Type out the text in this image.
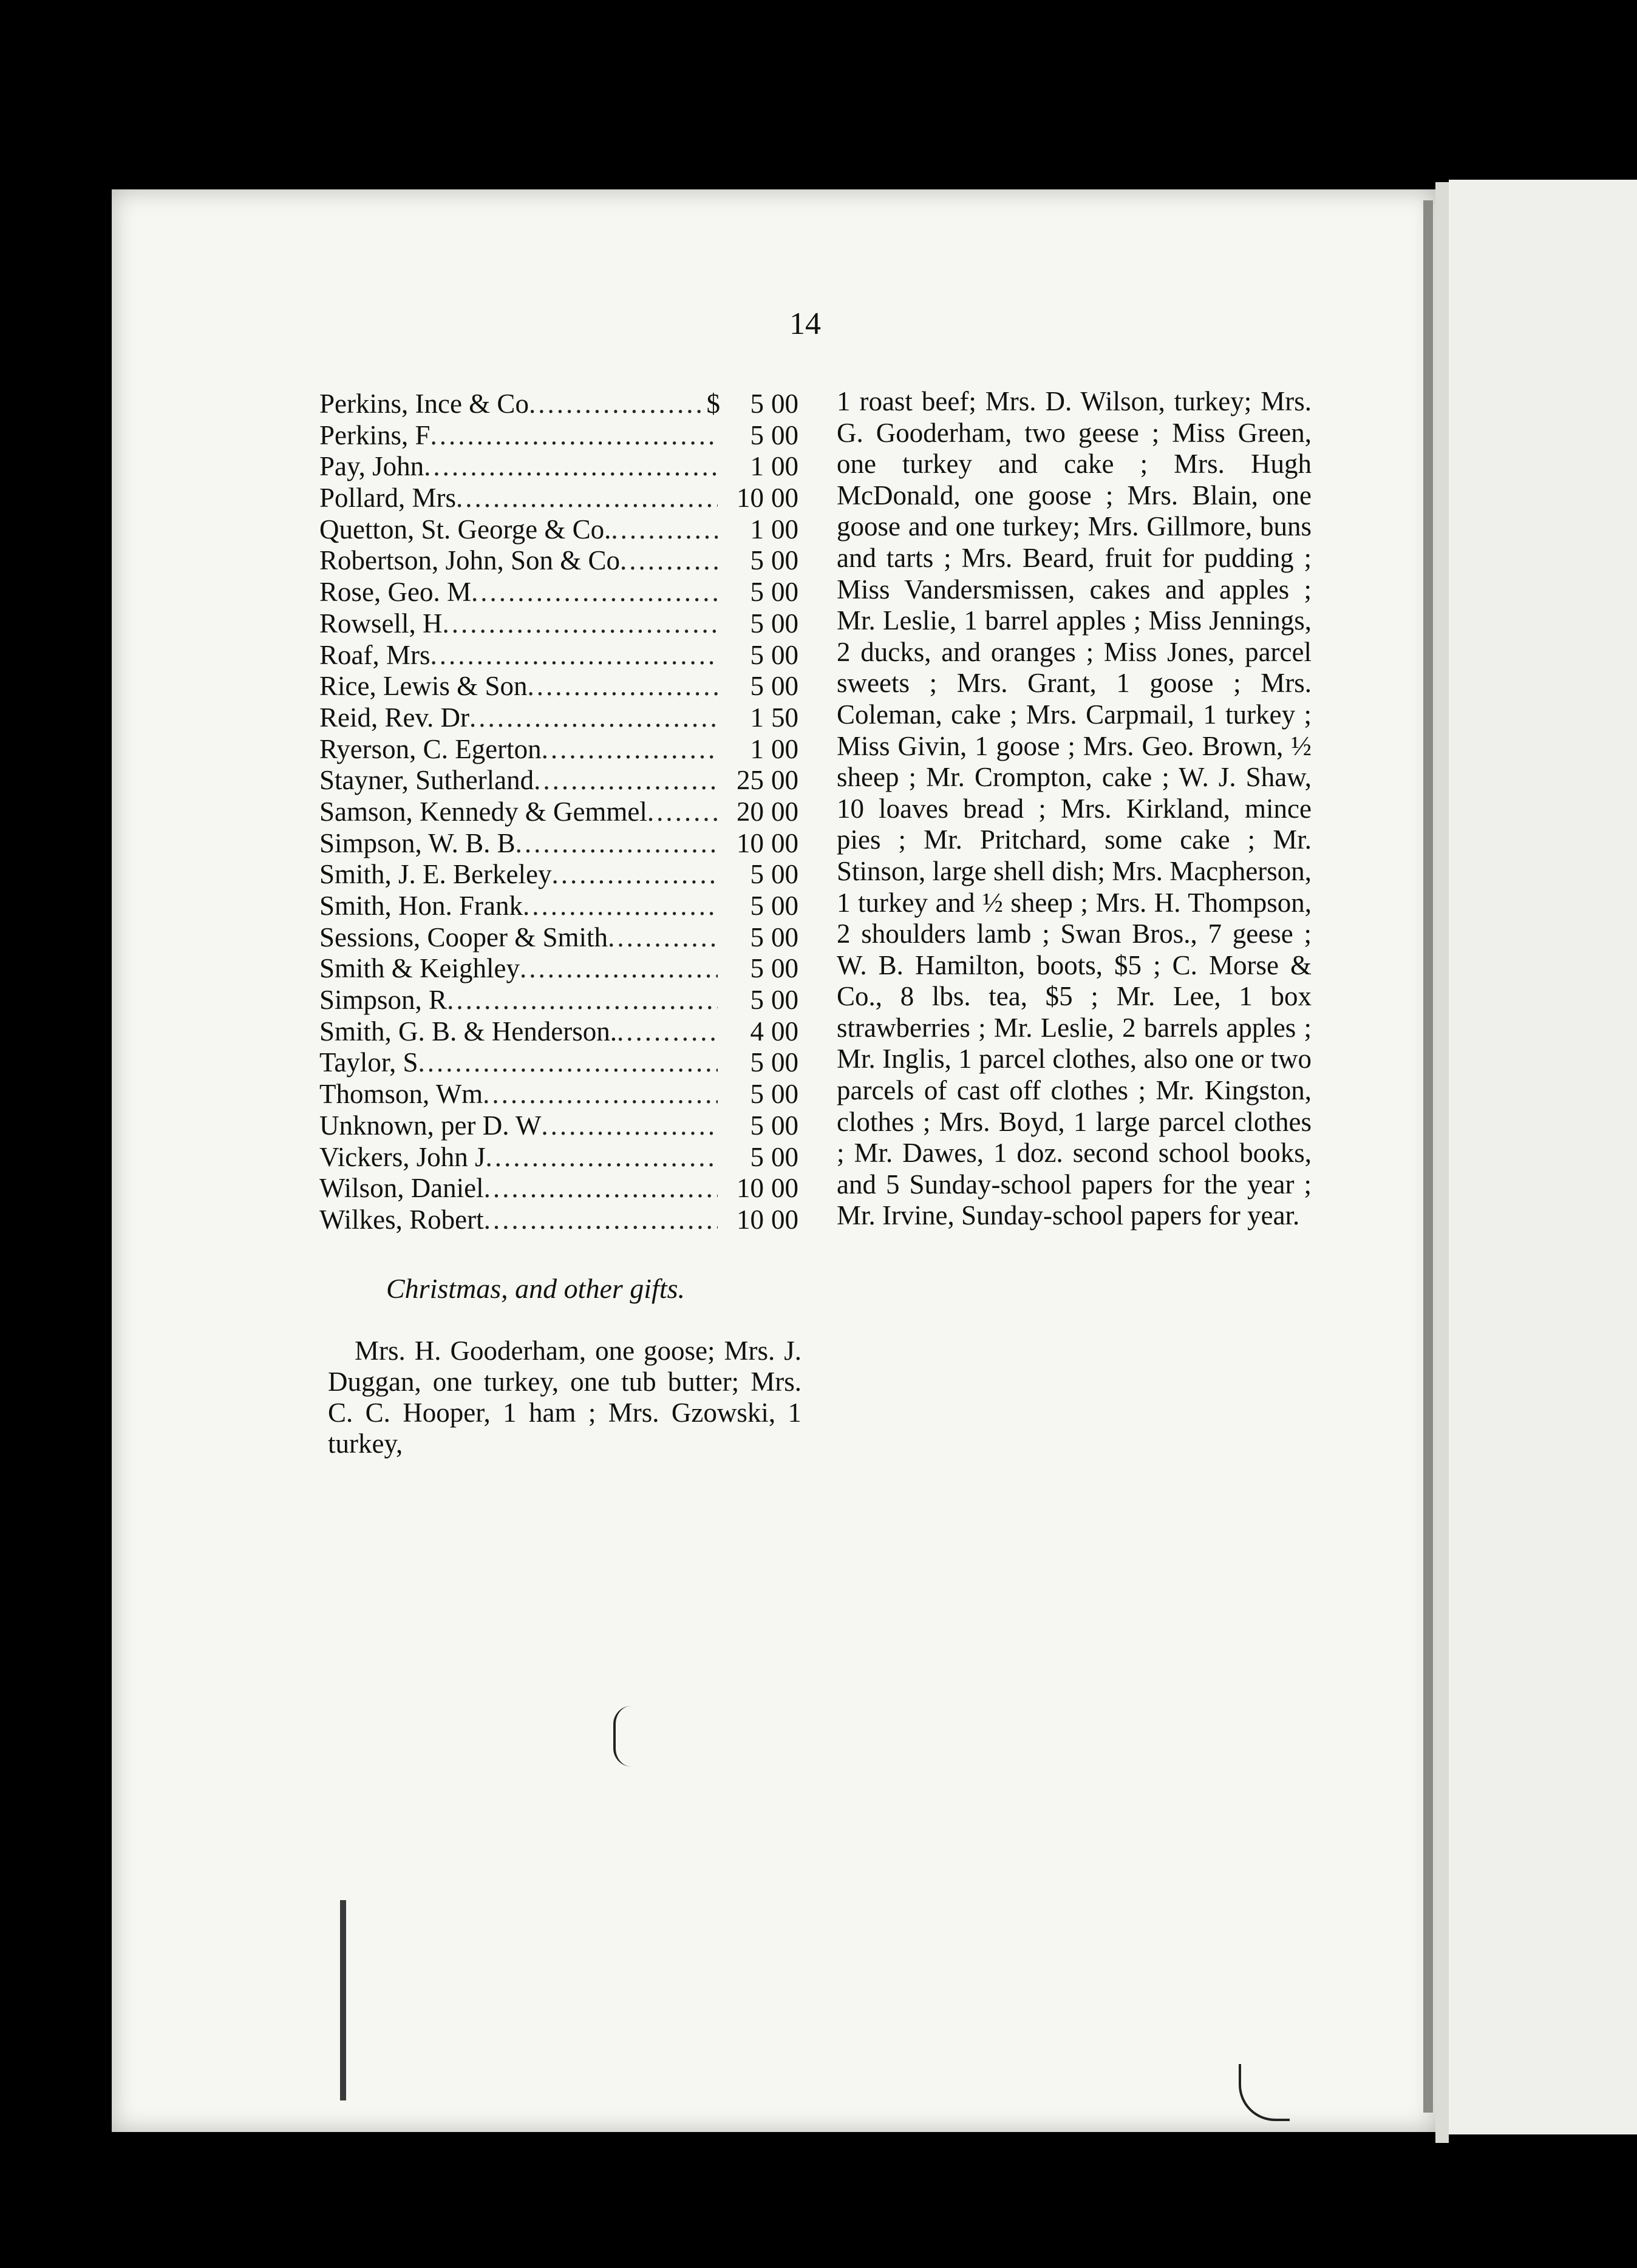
14
Perkins, Ince & Co .....	$	5 00
Perkins, F .....	5 00
Pay, John .....	1 00
Pollard, Mrs .....	10 00
Quetton, St. George & Co. .....	1 00
Robertson, John, Son & Co .....	5 00
Rose, Geo. M .....	5 00
Rowsell, H .....	5 00
Roaf, Mrs .....	5 00
Rice, Lewis & Son .....	5 00
Reid, Rev. Dr .....	1 50
Ryerson, C. Egerton .....	1 00
Stayner, Sutherland .....	25 00
Samson, Kennedy & Gemmel .....	20 00
Simpson, W. B. B .....	10 00
Smith, J. E. Berkeley .....	5 00
Smith, Hon. Frank .....	5 00
Sessions, Cooper & Smith .....	5 00
Smith & Keighley .....	5 00
Simpson, R .....	5 00
Smith, G. B. & Henderson. .....	4 00
Taylor, S .....	5 00
Thomson, Wm .....	5 00
Unknown, per D. W .....	5 00
Vickers, John J .....	5 00
Wilson, Daniel .....	10 00
Wilkes, Robert .....	10 00
Christmas, and other gifts.
Mrs. H. Gooderham, one goose; Mrs. J. Duggan, one turkey, one tub butter; Mrs. C. C. Hooper, 1 ham ; Mrs. Gzowski, 1 turkey,
1 roast beef; Mrs. D. Wilson, turkey; Mrs. G. Gooderham, two geese ; Miss Green, one turkey and cake ; Mrs. Hugh McDonald, one goose ; Mrs. Blain, one goose and one turkey; Mrs. Gillmore, buns and tarts ; Mrs. Beard, fruit for pudding ; Miss Vandersmissen, cakes and apples ; Mr. Leslie, 1 barrel apples ; Miss Jennings, 2 ducks, and oranges ; Miss Jones, parcel sweets ; Mrs. Grant, 1 goose ; Mrs. Coleman, cake ; Mrs. Carpmail, 1 turkey ; Miss Givin, 1 goose ; Mrs. Geo. Brown, ½ sheep ; Mr. Crompton, cake ; W. J. Shaw, 10 loaves bread ; Mrs. Kirkland, mince pies ; Mr. Pritchard, some cake ; Mr. Stinson, large shell dish; Mrs. Macpherson, 1 turkey and ½ sheep ; Mrs. H. Thompson, 2 shoulders lamb ; Swan Bros., 7 geese ; W. B. Hamilton, boots, $5 ; C. Morse & Co., 8 lbs. tea, $5 ; Mr. Lee, 1 box strawberries ; Mr. Leslie, 2 barrels apples ; Mr. Inglis, 1 parcel clothes, also one or two parcels of cast off clothes ; Mr. Kingston, clothes ; Mrs. Boyd, 1 large parcel clothes ; Mr. Dawes, 1 doz. second school books, and 5 Sunday-school papers for the year ; Mr. Irvine, Sunday-school papers for year.
